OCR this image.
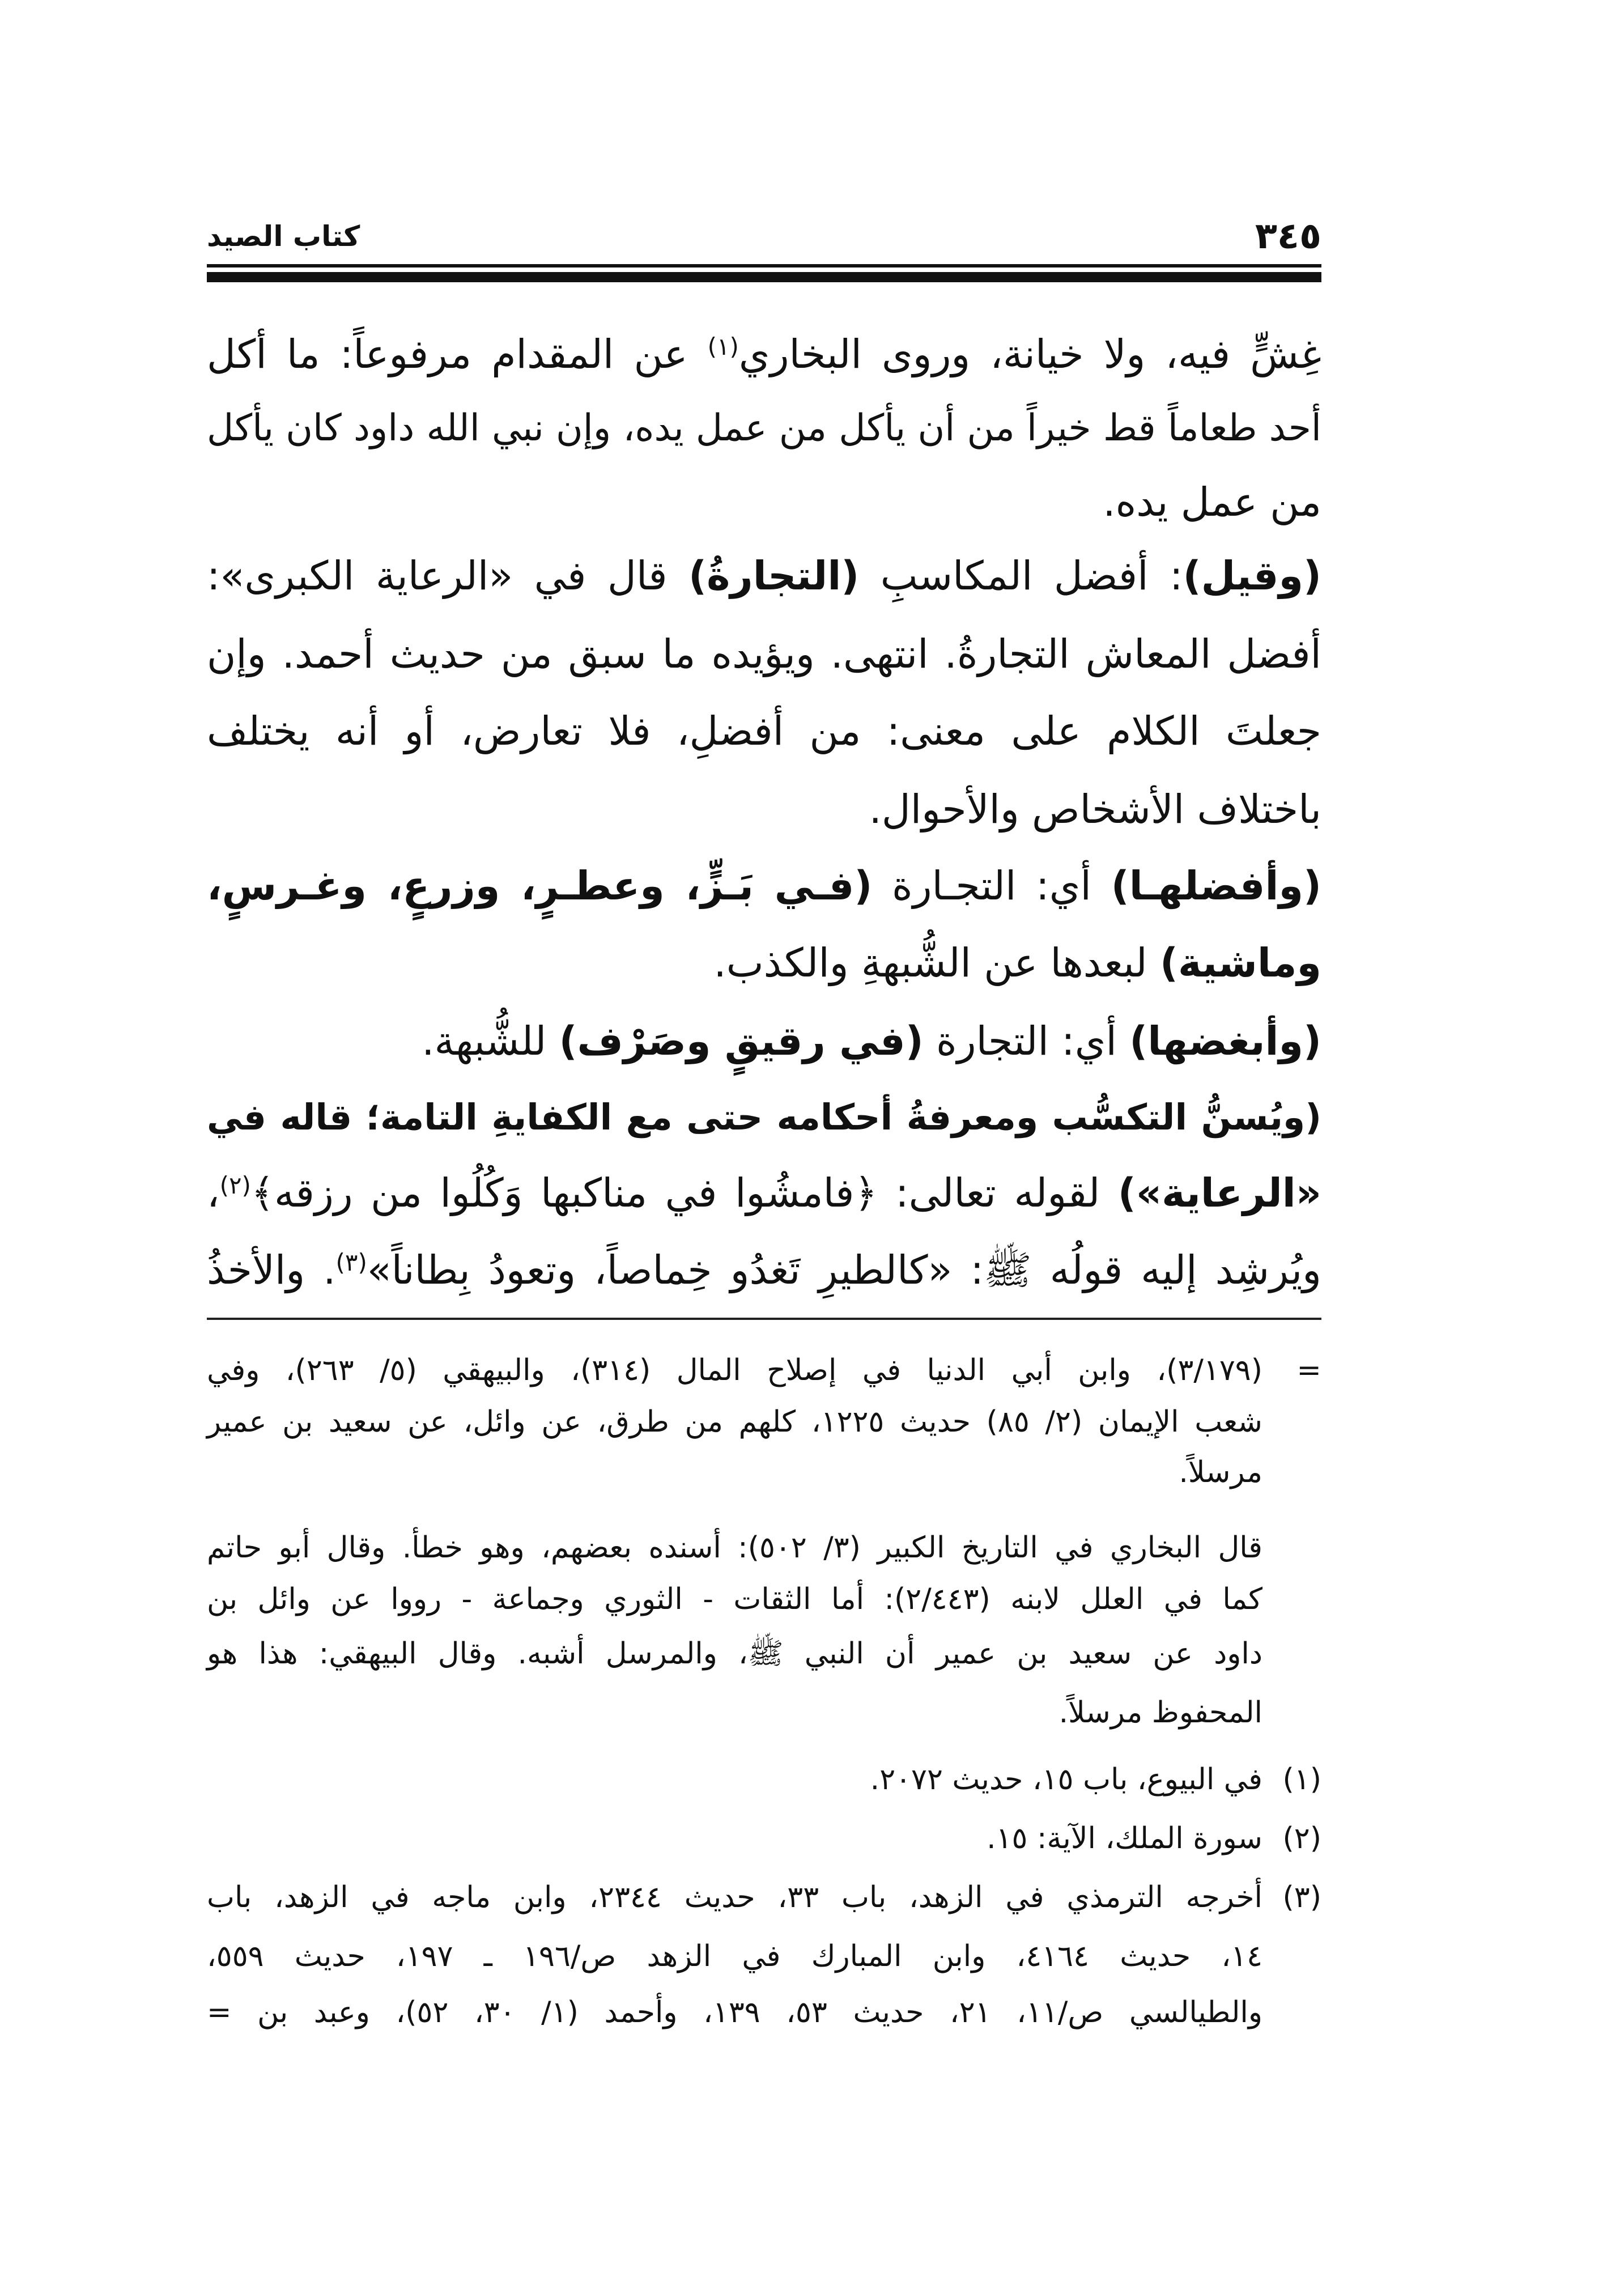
٣٤٥
كتاب الصيد
غِشٍّ فيه، ولا خيانة، وروى البخاري$^{(١)}$ عن المقدام مرفوعاً: ما أكل
أحد طعاماً قط خيراً من أن يأكل من عمل يده، وإن نبي الله داود كان يأكل
من عمل يده.
(وقيل): أفضل المكاسبِ (التجارةُ) قال في «الرعاية الكبرى»:
أفضل المعاش التجارةُ. انتهى. ويؤيده ما سبق من حديث أحمد. وإن
جعلتَ الكلام على معنى: من أفضلِ، فلا تعارض، أو أنه يختلف
باختلاف الأشخاص والأحوال.
(وأفضلهـا) أي: التجـارة (فـي بَـزٍّ، وعطـرٍ، وزرعٍ، وغـرسٍ،
وماشية) لبعدها عن الشُّبهةِ والكذب.
(وأبغضها) أي: التجارة (في رقيقٍ وصَرْف) للشُّبهة.
(ويُسنُّ التكسُّب ومعرفةُ أحكامه حتى مع الكفايةِ التامة؛ قاله في
«الرعاية») لقوله تعالى: ﴿فامشُوا في مناكبها وَكُلُوا من رزقه﴾$^{(٢)}$،
ويُرشِد إليه قولُه ﷺ: «كالطيرِ تَغدُو خِماصاً، وتعودُ بِطاناً»$^{(٣)}$. والأخذُ
=
(٣/١٧٩)، وابن أبي الدنيا في إصلاح المال (٣١٤)، والبيهقي (٥/ ٢٦٣)، وفي
شعب الإيمان (٢/ ٨٥) حديث ١٢٢٥، كلهم من طرق، عن وائل، عن سعيد بن عمير
مرسلاً.
قال البخاري في التاريخ الكبير (٣/ ٥٠٢): أسنده بعضهم، وهو خطأ. وقال أبو حاتم
كما في العلل لابنه (٢/٤٤٣): أما الثقات - الثوري وجماعة - رووا عن وائل بن
داود عن سعيد بن عمير أن النبي ﷺ، والمرسل أشبه. وقال البيهقي: هذا هو
المحفوظ مرسلاً.
(١)
في البيوع، باب ١٥، حديث ٢٠٧٢.
(٢)
سورة الملك، الآية: ١٥.
(٣)
أخرجه الترمذي في الزهد، باب ٣٣، حديث ٢٣٤٤، وابن ماجه في الزهد، باب
١٤، حديث ٤١٦٤، وابن المبارك في الزهد ص/١٩٦ ـ ١٩٧، حديث ٥٥٩،
والطيالسي ص/١١، ٢١، حديث ٥٣، ١٣٩، وأحمد (١/ ٣٠، ٥٢)، وعبد بن =
